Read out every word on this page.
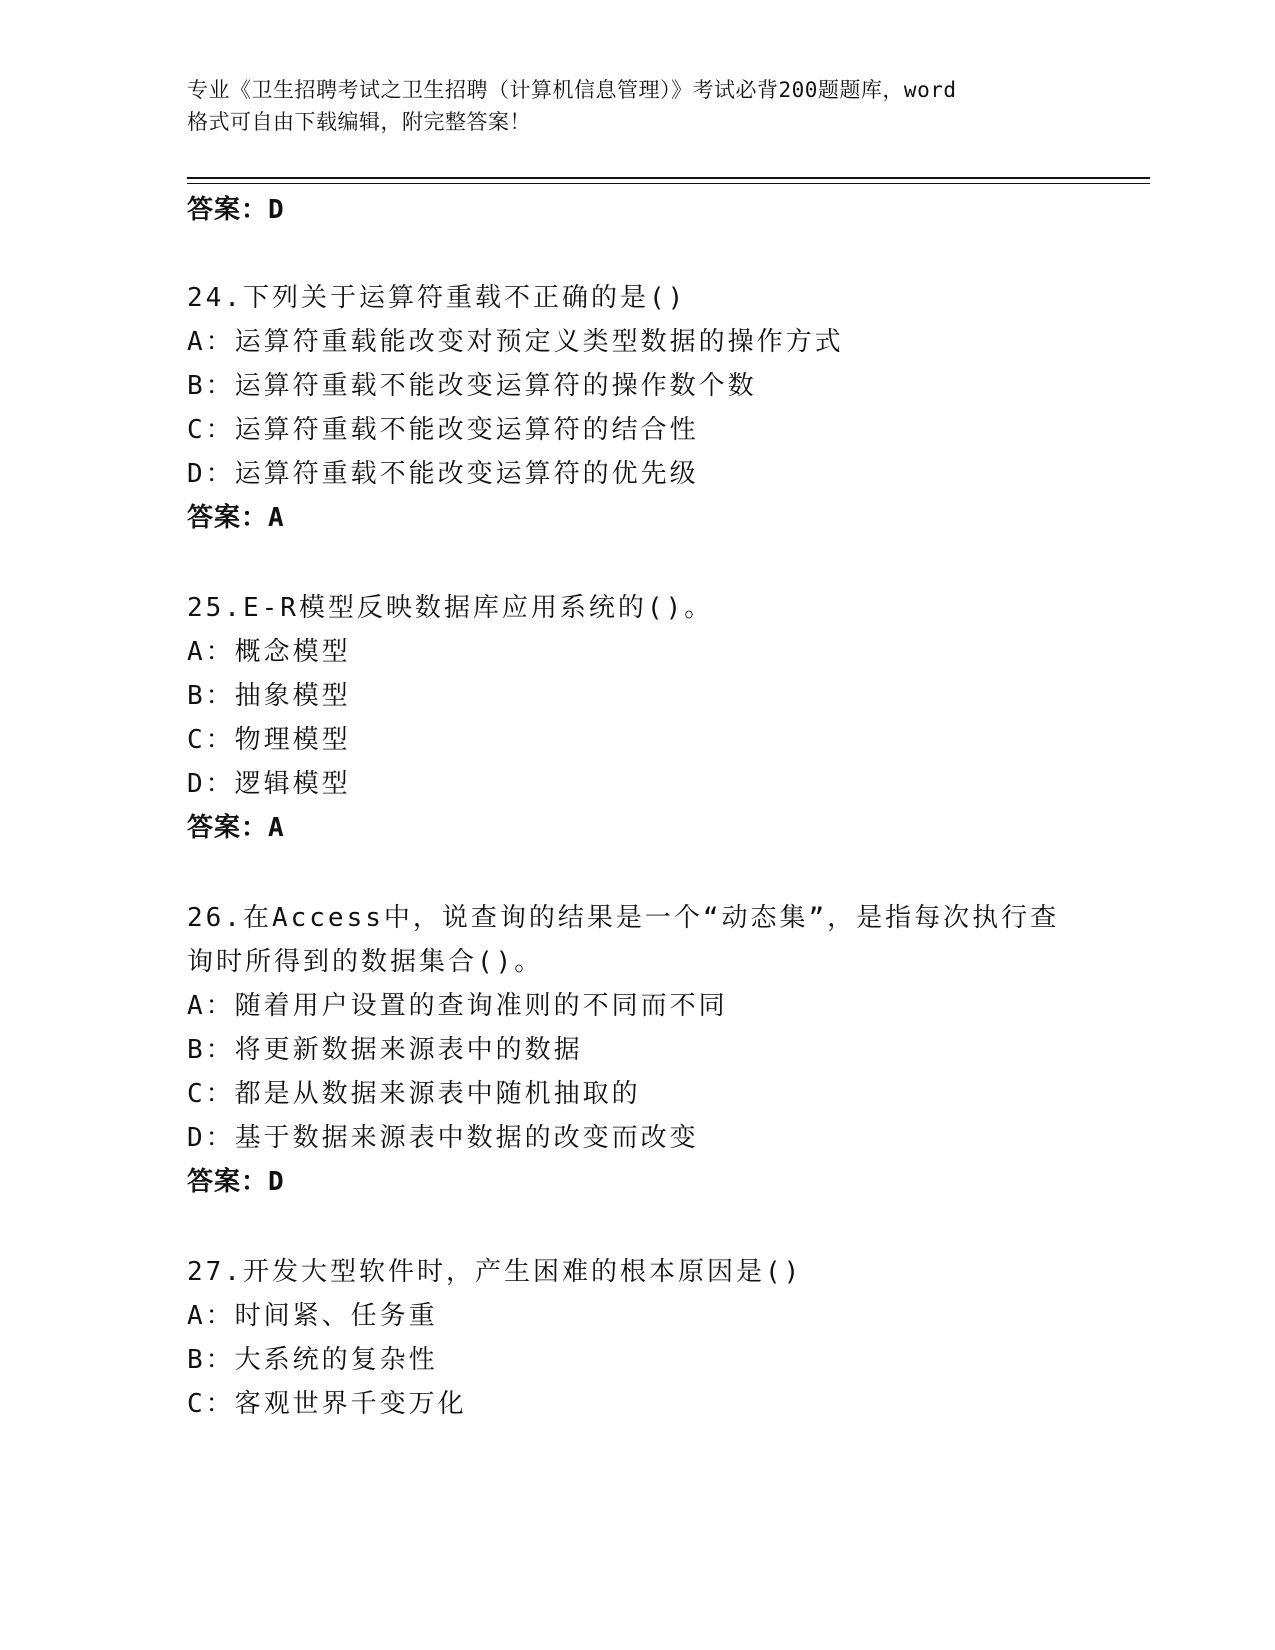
专业《卫生招聘考试之卫生招聘（计算机信息管理）》考试必背200题题库，word
格式可自由下载编辑，附完整答案！
答案：D
24.下列关于运算符重载不正确的是()
A：运算符重载能改变对预定义类型数据的操作方式
B：运算符重载不能改变运算符的操作数个数
C：运算符重载不能改变运算符的结合性
D：运算符重载不能改变运算符的优先级
答案：A
25.E-R模型反映数据库应用系统的()。
A：概念模型
B：抽象模型
C：物理模型
D：逻辑模型
答案：A
26.在Access中，说查询的结果是一个“动态集”，是指每次执行查
询时所得到的数据集合()。
A：随着用户设置的查询准则的不同而不同
B：将更新数据来源表中的数据
C：都是从数据来源表中随机抽取的
D：基于数据来源表中数据的改变而改变
答案：D
27.开发大型软件时，产生困难的根本原因是()
A：时间紧、任务重
B：大系统的复杂性
C：客观世界千变万化
